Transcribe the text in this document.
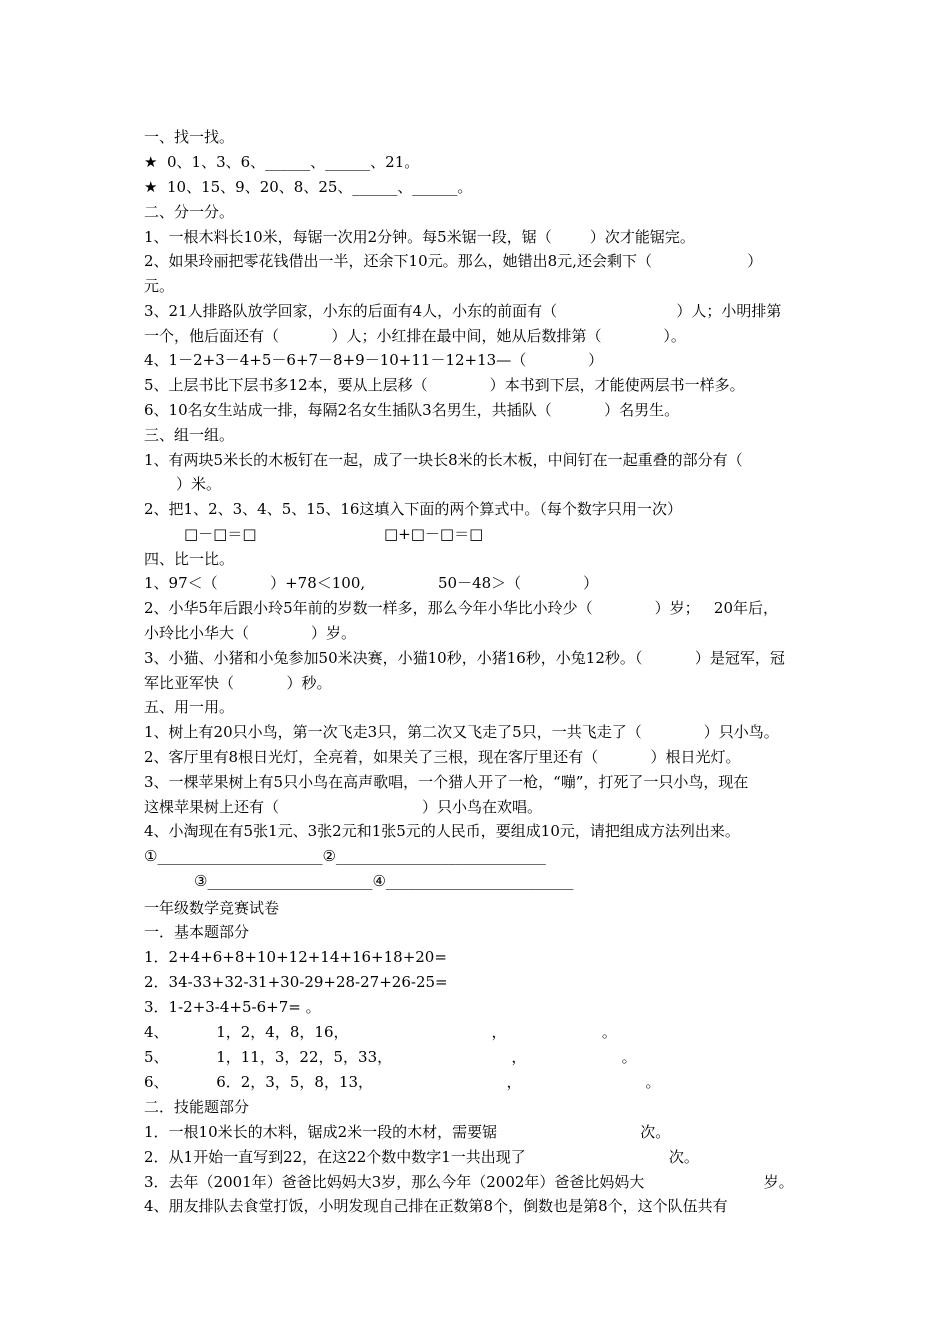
一、找一找。
★  0、1、3、6、______、______、21。
★  10、15、9、20、8、25、______、______。
二、分一分。
1、一根木料长10米，每锯一次用2分钟。每5米锯一段，锯（        ）次才能锯完。
2、如果玲丽把零花钱借出一半，还余下10元。那么，她错出8元,还会剩下（                    ）
元。
3、21人排路队放学回家，小东的后面有4人，小东的前面有（                         ）人；小明排第
一个，他后面还有（           ）人；小红排在最中间，她从后数排第（             ）。
4、1－2+3－4+5－6+7－8+9－10+11－12+13—（             ）
5、上层书比下层书多12本，要从上层移（             ）本书到下层，才能使两层书一样多。
6、10名女生站成一排，每隔2名女生插队3名男生，共插队（           ）名男生。
三、组一组。
1、有两块5米长的木板钉在一起，成了一块长8米的长木板，中间钉在一起重叠的部分有（
）米。
2、把1、2、3、4、5、15、16这填入下面的两个算式中。（每个数字只用一次）
□－□＝□	□+□－□＝□
四、比一比。
1、97＜（           ）+78＜100,	50－48＞（             ）
2、小华5年后跟小玲5年前的岁数一样多，那么今年小华比小玲少（             ）岁；   20年后，
小玲比小华大（             ）岁。
3、小猫、小猪和小兔参加50米决赛，小猫10秒，小猪16秒，小兔12秒。（           ）是冠军，冠
军比亚军快（           ）秒。
五、用一用。
1、树上有20只小鸟，第一次飞走3只，第二次又飞走了5只，一共飞走了（             ）只小鸟。
2、客厅里有8根日光灯，全亮着，如果关了三根，现在客厅里还有（           ）根日光灯。
3、一棵苹果树上有5只小鸟在高声歌唱，一个猎人开了一枪，“嘣”，打死了一只小鸟，现在
这棵苹果树上还有（                              ）只小鸟在欢唱。
4、小淘现在有5张1元、3张2元和1张5元的人民币，要组成10元，请把组成方法列出来。
①______________________②____________________________
③______________________④_________________________
一年级数学竞赛试卷
一．基本题部分
1．2+4+6+8+10+12+14+16+18+20=
2．34-33+32-31+30-29+28-27+26-25=
3．1-2+3-4+5-6+7= 。
4、          1，2，4，8，16，                              ，                    。
5、          1，11，3，22，5，33，                         ，                    。
6、          6．2，3，5，8，13，                            ，                          。
二．技能题部分
1．一根10米长的木料，锯成2米一段的木材，需要锯                              次。
2．从1开始一直写到22，在这22个数中数字1一共出现了                              次。
3．去年（2001年）爸爸比妈妈大3岁，那么今年（2002年）爸爸比妈妈大                         岁。
4、朋友排队去食堂打饭，小明发现自己排在正数第8个，倒数也是第8个，这个队伍共有
